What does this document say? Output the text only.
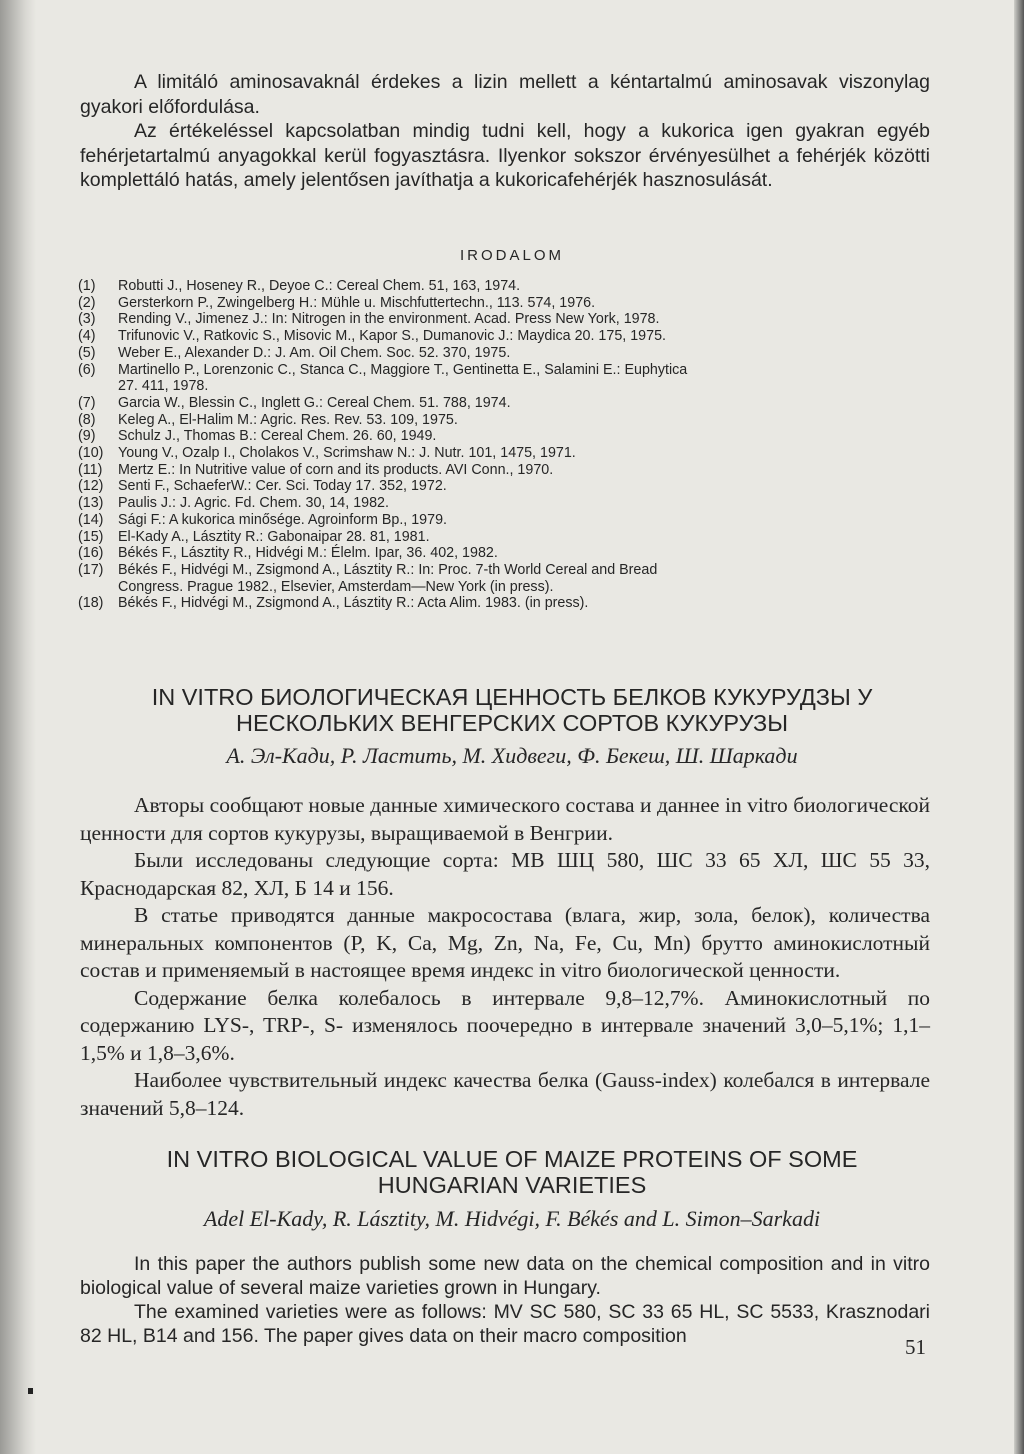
A limitáló aminosavaknál érdekes a lizin mellett a kéntartalmú aminosavak viszonylag gyakori előfordulása.

Az értékeléssel kapcsolatban mindig tudni kell, hogy a kukorica igen gyakran egyéb fehérjetartalmú anyagokkal kerül fogyasztásra. Ilyenkor sokszor érvényesülhet a fehérjék közötti komplettáló hatás, amely jelentősen javíthatja a kukoricafehérjék hasznosulását.

IRODALOM
(1)	Robutti J., Hoseney R., Deyoe C.: Cereal Chem. 51, 163, 1974.
(2)	Gersterkorn P., Zwingelberg H.: Mühle u. Mischfuttertechn., 113. 574, 1976.
(3)	Rending V., Jimenez J.: In: Nitrogen in the environment. Acad. Press New York, 1978.
(4)	Trifunovic V., Ratkovic S., Misovic M., Kapor S., Dumanovic J.: Maydica 20. 175, 1975.
(5)	Weber E., Alexander D.: J. Am. Oil Chem. Soc. 52. 370, 1975.
(6)	Martinello P., Lorenzonic C., Stanca C., Maggiore T., Gentinetta E., Salamini E.: Euphytica
27. 411, 1978.
(7)	Garcia W., Blessin C., Inglett G.: Cereal Chem. 51. 788, 1974.
(8)	Keleg A., El-Halim M.: Agric. Res. Rev. 53. 109, 1975.
(9)	Schulz J., Thomas B.: Cereal Chem. 26. 60, 1949.
(10)	Young V., Ozalp I., Cholakos V., Scrimshaw N.: J. Nutr. 101, 1475, 1971.
(11)	Mertz E.: In Nutritive value of corn and its products. AVI Conn., 1970.
(12)	Senti F., SchaeferW.: Cer. Sci. Today 17. 352, 1972.
(13)	Paulis J.: J. Agric. Fd. Chem. 30, 14, 1982.
(14)	Sági F.: A kukorica minősége. Agroinform Bp., 1979.
(15)	El-Kady A., Lásztity R.: Gabonaipar 28. 81, 1981.
(16)	Békés F., Lásztity R., Hidvégi M.: Élelm. Ipar, 36. 402, 1982.
(17)	Békés F., Hidvégi M., Zsigmond A., Lásztity R.: In: Proc. 7-th World Cereal and Bread
Congress. Prague 1982., Elsevier, Amsterdam—New York (in press).
(18)	Békés F., Hidvégi M., Zsigmond A., Lásztity R.: Acta Alim. 1983. (in press).

IN VITRO БИОЛОГИЧЕСКАЯ ЦЕННОСТЬ БЕЛКОВ КУКУРУДЗЫ У

НЕСКОЛЬКИХ ВЕНГЕРСКИХ СОРТОВ КУКУРУЗЫ

А. Эл-Кади, Р. Ластить, М. Хидвеги, Ф. Бекеш, Ш. Шаркади

Авторы сообщают новые данные химического состава и даннее in vitro биологической ценности для сортов кукурузы, выращиваемой в Венгрии.

Были исследованы следующие сорта: МВ ШЦ 580, ШС 33 65 ХЛ, ШС 55 33, Краснодарская 82, ХЛ, Б 14 и 156.

В статье приводятся данные макросостава (влага, жир, зола, белок), количества минеральных компонентов (P, K, Ca, Mg, Zn, Na, Fe, Cu, Mn) брутто аминокислотный состав и применяемый в настоящее время индекс in vitro биологической ценности.

Содержание белка колебалось в интервале 9,8–12,7%. Аминокислотный по содержанию LYS-, TRP-, S- изменялось поочередно в интервале значений 3,0–5,1%; 1,1–1,5% и 1,8–3,6%.

Наиболее чувствительный индекс качества белка (Gauss-index) колебался в интервале значений 5,8–124.

IN VITRO BIOLOGICAL VALUE OF MAIZE PROTEINS OF SOME

HUNGARIAN VARIETIES

Adel El-Kady, R. Lásztity, M. Hidvégi, F. Békés and L. Simon–Sarkadi

In this paper the authors publish some new data on the chemical composition and in vitro biological value of several maize varieties grown in Hungary.

The examined varieties were as follows: MV SC 580, SC 33 65 HL, SC 5533, Krasznodari 82 HL, B14 and 156. The paper gives data on their macro composition	51
